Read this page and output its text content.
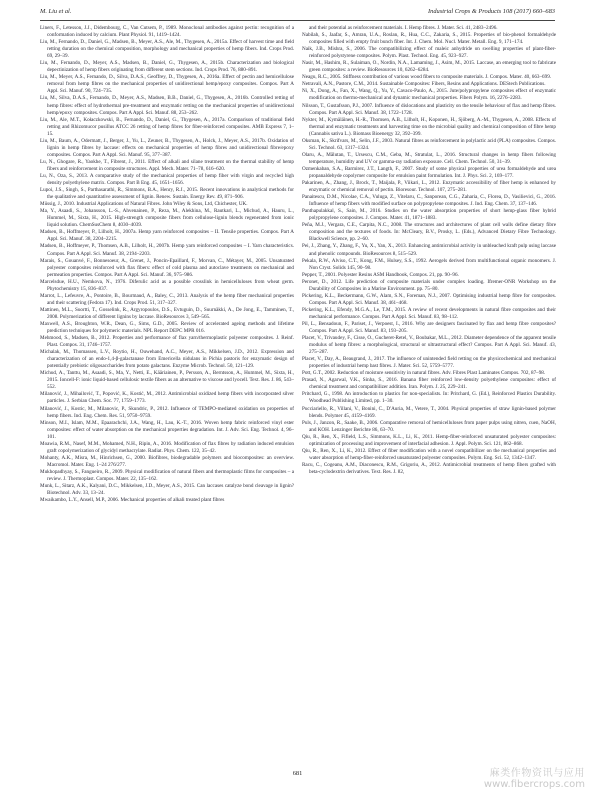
M. Liu et al.	Industrial Crops & Products 108 (2017) 660–683

Liners, F., Letesson, J.J., Didembourg, C., Van Cutsem, P., 1989. Monoclonal antibodies against pectin: recognition of a conformation induced by calcium. Plant Physiol. 91, 1419–1424.

Liu, M., Fernando, D., Daniel, G., Madsen, B., Meyer, A.S., Ale, M., Thygesen, A., 2015a. Effect of harvest time and field retting duration on the chemical composition, morphology and mechanical properties of hemp fibers. Ind. Crops Prod. 69, 29–39.

Liu, M., Fernando, D., Meyer, A.S., Madsen, B., Daniel, G., Thygesen, A., 2015b. Characterization and biological depectinization of hemp fibers originating from different stem sections. Ind. Crops Prod. 76, 880–891.

Liu, M., Meyer, A.S., Fernando, D., Silva, D.A.S., Geoffrey, D., Thygesen, A., 2016a. Effect of pectin and hemicellulose removal from hemp fibres on the mechanical properties of unidirectional hemp/epoxy composites. Compos. Part A Appl. Sci. Manuf. 90, 724–735.

Liu, M., Silva, D.A.S., Fernando, D., Meyer, A.S., Madsen, B.B., Daniel, G., Thygesen, A., 2016b. Controlled retting of hemp fibres: effect of hydrothermal pre-treatment and enzymatic retting on the mechanical properties of unidirectional hemp/epoxy composites. Compos. Part A Appl. Sci. Manuf. 88, 253–262.

Liu, M., Ale, M.T., Kołaczkowski, B., Fernando, D., Daniel, G., Thygesen, A., 2017a. Comparison of traditional field retting and Rhizomucor pusillus ATCC 26 retting of hemp fibres for fiber-reinforced composites. AMB Express 7, 1–15.

Liu, M., Baum, A., Odermatt, J., Berger, J., Yu, L., Zeuner, B., Thygesen, A., Holck, J., Meyer, A.S., 2017b. Oxidation of lignin in hemp fibres by laccase: effects on mechanical properties of hemp fibres and unidirectional fibre/epoxy composites. Compos. Part A Appl. Sci. Manuf. 95, 377–387.

Lu, N., Ghogare, R., Yaokhe, T., Fibrent, J., 2011. Effect of alkali and silane treatment on the thermal stability of hemp fibers and reinforcement in composite structures. Appl. Mech. Mater. 71–78, 616–620.

Lu, N., Oza, S., 2013. A comparative study of the mechanical properties of hemp fiber with virgin and recycled high density polyethylene matrix. Compos. Part B Eng. 45, 1651–1656.

Lupoi, J.S., Singh, S., Parthasarathi, R., Simmons, B.A., Henry, R.J., 2015. Recent innovations in analytical methods for the qualitative and quantitative assessment of lignin. Renew. Sustain. Energy Rev. 49, 871–906.

Müssig, J., 2010. Industrial Applications of Natural Fibres. John Wiley & Sons, Ltd, Chichester, UK.

Ma, Y., Asaadi, S., Johansson, L.-S., Ahvenainen, P., Reza, M., Alekhina, M., Rautkari, L., Michud, A., Hauru, L., Hummel, M., Sixta, H., 2015. High-strength composite fibers from cellulose-lignin blends regenerated from ionic liquid solution. ChemSusChem 8, 4030–4039.

Madsen, B., Hoffmeyer, P., Lilholt, H., 2007a. Hemp yarn reinforced composites – II. Tensile properties. Compos. Part A Appl. Sci. Manuf. 38, 2204–2215.

Madsen, B., Hoffmeyer, P., Thomsen, A.B., Lilholt, H., 2007b. Hemp yarn reinforced composites – I. Yarn characteristics. Compos. Part A Appl. Sci. Manuf. 38, 2194–2203.

Marais, S., Gouanvé, F., Bonnesoeur, A., Grenet, J., Poncin-Epaillard, F., Morvan, C., Métayer, M., 2005. Unsaturated polyester composites reinforced with flax fibers: effect of cold plasma and autoclave treatments on mechanical and permeation properties. Compos. Part A Appl. Sci. Manuf. 36, 975–986.

Marcelsdue, H.U., Nemkova, N., 1976. Diferulic acid as a possible crosslink in hemicelluloses from wheat germ. Phytochemistry 15, 836–837.

Marrot, L., Lefeuvre, A., Pontoire, B., Bourmaud, A., Baley, C., 2013. Analysis of the hemp fiber mechanical properties and their scattering (Fedora 17). Ind. Crops Prod. 51, 317–327.

Mattinen, M.L., Suortti, T., Gosselink, R., Argyropoulos, D.S., Evtuguin, D., Suurnäkki, A., De Jong, E., Tamminen, T., 2008. Polymerization of different lignins by laccase. BioResources 3, 549–565.

Maxwell, A.S., Broughton, W.R., Dean, G., Sims, G.D., 2005. Review of accelerated ageing methods and lifetime prediction techniques for polymeric materials. NPL Report DEPC MPR 016.

Mehmood, S., Madsen, B., 2012. Properties and performance of flax yarn/thermoplastic polyester composites. J. Reinf. Plast. Compos. 31, 1746–1757.

Michalak, M., Thomassen, L.V., Roytio, H., Ouwehand, A.C., Meyer, A.S., Mikkelsen, J.D., 2012. Expression and characterization of an endo-1,4-β-galactanase from Emericella nidulans in Pichia pastoris for enzymatic design of potentially prebiotic oligosaccharides from potato galactans. Enzyme Microb. Technol. 50, 121–129.

Michud, A., Tanttu, M., Asaadi, S., Ma, Y., Netti, E., Kääriainen, P., Persson, A., Berntsson, A., Hummel, M., Sixta, H., 2015. Ioncell-F: ionic liquid-based cellulosic textile fibers as an alternative to viscose and lyocell. Text. Res. J. 86, 543–552.

Milanović, J., Mihailović, T., Popović, K., Kostić, M., 2012. Antimicrobial oxidized hemp fibers with incorporated silver particles. J. Serbian Chem. Soc. 77, 1759–1773.

Milanović, J., Kostic, M., Milanovic, P., Skundric, P., 2012. Influence of TEMPO-mediated oxidation on properties of hemp fibers. Ind. Eng. Chem. Res. 51, 9750–9759.

Minson, M.I., Islam, M.M., Epaarachchi, J.A., Wang, H., Lau, K.-T., 2016. Woven hemp fabric reinforced vinyl ester composites: effect of water absorption on the mechanical properties degradation. Int. J. Adv. Sci. Eng. Technol. 4, 96–101.

Moawia, R.M., Nasef, M.M., Mohamed, N.H., Ripin, A., 2016. Modification of flax fibres by radiation induced emulsion graft copolymerization of glycidyl methacrylate. Radiat. Phys. Chem. 122, 35–42.

Mohanty, A.K., Misra, M., Hinrichsen, G., 2000. Biofibres, biodegradable polymers and biocomposites: an overview. Macromol. Mater. Eng. 1–24 276/277.

Mukhopadhyay, S., Fangueiro, R., 2009. Physical modification of natural fibers and thermoplastic films for composites – a review. J. Thermoplast. Compos. Mater. 22, 135–162.

Munk, L., Sitarz, A.K., Kalyani, D.C., Mikkelsen, J.D., Meyer, A.S., 2015. Can laccases catalyze bond cleavage in lignin? Biotechnol. Adv. 33, 13–24.

Mwaikambo, L.Y., Ansell, M.P., 2006. Mechanical properties of alkali treated plant fibres

and their potential as reinforcement materials. I. Hemp fibres. J. Mater. Sci. 41, 2483–2496.

Nabilah, S., Jaafar, S., Amran, U.A., Roslan, R., Hua, C.C., Zakaria, S., 2015. Properties of bio-phenol formaldehyde composites filled with empty fruit bunch fiber. Int. J. Chem. Mol. Nucl. Mater. Metall. Eng. 9, 171–174.

Naik, J.B., Mishra, S., 2006. The compatibilizing effect of maleic anhydride on swelling properties of plant-fiber-reinforced polystyrene composites. Polym. Plast. Technol. Eng. 45, 923–927.

Nasir, M., Hashim, R., Sulaiman, O., Nordin, N.A., Lamaming, J., Asim, M., 2015. Laccase, an emerging tool to fabricate green composites: a review. BioResources 10, 6262–6284.

Neagu, R.C., 2005. Stiffness contribution of various wood fibers to composite materials. J. Compos. Mater. 40, 663–699.

Netravali, A.N., Pastore, C.M., 2014. Sustainable Composites: Fibers, Resins and Applications. DEStech Publications.

Ni, X., Dong, A., Fan, X., Wang, Q., Yu, Y., Cavaco-Paulo, A., 2015. Jute/polypropylene composites effect of enzymatic modification on thermo-mechanical and dynamic mechanical properties. Fibers Polym. 16, 2276–2283.

Nilsson, T., Gustafsson, P.J., 2007. Influence of dislocations and plasticity on the tensile behaviour of flax and hemp fibres. Compos. Part A Appl. Sci. Manuf. 38, 1722–1728.

Nykter, M., Kymäläinen, H.-R., Thomsen, A.B., Lilholt, H., Koponen, H., Sjöberg, A.-M., Thygesen, A., 2008. Effects of thermal and enzymatic treatments and harvesting time on the microbial quality and chemical composition of fibre hemp (Cannabis sativa L.). Biomass Bioenergy 32, 392–399.

Oksman, K., Skrifvars, M., Selin, J.F., 2003. Natural fibres as reinforcement in polylactic acid (PLA) composites. Compos. Sci. Technol. 63, 1317–1324.

Olaru, A., Mălutan, T., Ursescu, C.M., Geba, M., Stratulat, L., 2016. Structural changes in hemp fibers following temperature, humidity and UV or gamma-ray radiation exposure. Cell. Chem. Technol. 50, 31–39.

Ozmenkaban, S.A., Barmirez, J.T., Langth, F., 2007. Study of some physical properties of urea formaldehyde and urea propanaldehyde copolymer composite for emulsion paint formulation. Int. J. Phys. Sci. 2, 169–177.

Pakarinen, A., Zhang, J., Brock, T., Maijala, P., Viikari, L., 2012. Enzymatic accessibility of fiber hemp is enhanced by enzymatic or chemical removal of pectin. Bioresour. Technol. 107, 275–281.

Panaitescu, D.M., Nicolae, C.A., Vuluga, Z., Vitelaru, C., Sanporean, C.G., Zaharia, C., Florea, D., Vasilievici, G., 2016. Influence of hemp fibers with modified surface on polypropylene composites. J. Ind. Eng. Chem. 37, 137–146.

Panthapulakkal, S., Sain, M., 2016. Studies on the water absorption properties of short hemp-glass fiber hybrid polypropylene composites. J. Compos. Mater. 41, 1871–1883.

Peña, M.J., Vergara, C.E., Carpita, N.C., 2008. The structures and architectures of plant cell walls define dietary fibre composition and the textures of foods. In: McCleary, B.V., Prosky, L. (Eds.), Advanced Dietary Fibre Technology. Blackwell Science, pp. 2–60.

Pei, J., Zhang, Y., Zhang, F., Yu, X., Yan, X., 2013. Enhancing antimicrobial activity in unbleached kraft pulp using laccase and phenolic compounds. BioResources 8, 515–529.

Pekala, R.W., Alviso, C.T., Kong, F.M., Hulsey, S.S., 1992. Aerogels derived from multifunctional organic monomers. J. Non Cryst. Solids 145, 90–98.

Pepper, T., 2001. Polyester Resins ASM Handbook, Compos. 21, pp. 90–96.

Peronet, D., 2012. Life prediction of composite materials under complex loading. Ifremer-ONR Workshop on the Durability of Composites in a Marine Environment. pp. 75–80.

Pickering, K.L., Beckermann, G.W., Alam, S.N., Foreman, N.J., 2007. Optimising industrial hemp fibre for composites. Compos. Part A Appl. Sci. Manuf. 38, 461–468.

Pickering, K.L., Efendy, M.G.A., Le, T.M., 2015. A review of recent developments in natural fibre composites and their mechanical performance. Compos. Part A Appl. Sci. Manuf. 83, 98–112.

Pil, L., Bensadoun, F., Pariset, J., Verpoest, I., 2016. Why are designers fascinated by flax and hemp fibre composites? Compos. Part A Appl. Sci. Manuf. 83, 193–205.

Placet, V., Trivaudey, F., Cisse, O., Gucheret-Retel, V., Boubakar, M.L., 2012. Diameter dependence of the apparent tensile modulus of hemp fibres: a morphological, structural or ultrastructural effect? Compos. Part A Appl. Sci. Manuf. 43, 275–287.

Placet, V., Day, A., Beaugrand, J., 2017. The influence of unintended field retting on the physicochemical and mechanical properties of industrial hemp bast fibres. J. Mater. Sci. 52, 5759–5777.

Pott, G.T., 2002. Reduction of moisture sensitivity in natural fibres. Adv. Fibres Plast Laminates Compos. 702, 87–98.

Prasad, N., Agarwal, V.K., Sinha, S., 2016. Banana fiber reinforced low-density polyethylene composites: effect of chemical treatment and compatibilizer addition. Iran. Polym. J. 25, 229–241.

Pritchard, G., 1998. An introduction to plastics for non-specialists. In: Pritchard, G. (Ed.), Reinforced Plastics Durability. Woodhead Publishing Limited, pp. 1–30.

Pucciariello, R., Villani, V., Bonini, C., D'Auria, M., Vetere, T., 2004. Physical properties of straw lignin-based polymer blends. Polymer 45, 4159–4169.

Puls, J., Janzon, R., Saake, B., 2006. Comparative removal of hemicelluloses from paper pulps using nitren, cuen, NaOH, and KOH. Lenzinger Berichte 86, 63–70.

Qiu, R., Ren, X., Fifield, L.S., Simmons, K.L., Li, K., 2011. Hemp-fiber-reinforced unsaturated polyester composites: optimization of processing and improvement of interfacial adhesion. J. Appl. Polym. Sci. 121, 862–868.

Qiu, R., Ren, X., Li, K., 2012. Effect of fiber modification with a novel compatibilizer on the mechanical properties and water absorption of hemp-fiber-reinforced unsaturated polyester composites. Polym. Eng. Sci. 52, 1342–1347.

Racu, C., Cogeanu, A.M., Diaconescu, R.M., Grigoriu, A., 2012. Antimicrobial treatments of hemp fibers grafted with beta-cyclodextrin derivatives. Text. Res. J. 82,

681	麻类作物资讯与应用
www.fibercrops.com
